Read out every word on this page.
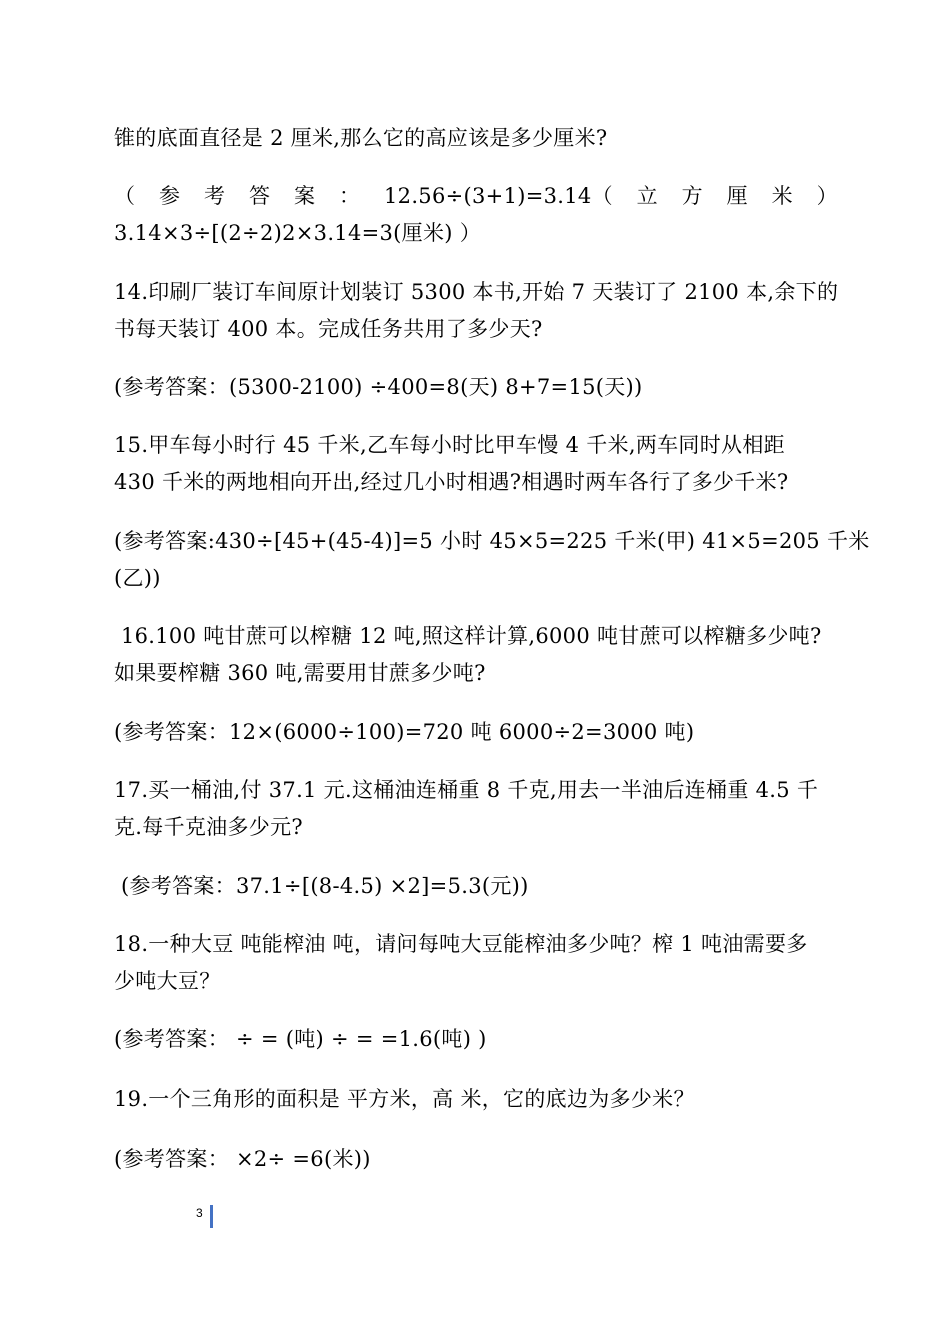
锥的底面直径是 2 厘米,那么它的高应该是多少厘米?
（ 参 考 答 案 ： 12.56÷(3+1)=3.14（ 立 方 厘 米 ）
3.14×3÷[(2÷2)2×3.14=3(厘米) ）
14.印刷厂装订车间原计划装订 5300 本书,开始 7 天装订了 2100 本,余下的
书每天装订 400 本。完成任务共用了多少天?
(参考答案：(5300-2100) ÷400=8(天) 8+7=15(天))
15.甲车每小时行 45 千米,乙车每小时比甲车慢 4 千米,两车同时从相距
430 千米的两地相向开出,经过几小时相遇?相遇时两车各行了多少千米?
(参考答案:430÷[45+(45-4)]=5 小时 45×5=225 千米(甲) 41×5=205 千米
(乙))
16.100 吨甘蔗可以榨糖 12 吨,照这样计算,6000 吨甘蔗可以榨糖多少吨?
如果要榨糖 360 吨,需要用甘蔗多少吨?
(参考答案：12×(6000÷100)=720 吨 6000÷2=3000 吨)
17.买一桶油,付 37.1 元.这桶油连桶重 8 千克,用去一半油后连桶重 4.5 千
克.每千克油多少元?
(参考答案：37.1÷[(8-4.5) ×2]=5.3(元))
18.一种大豆 吨能榨油 吨，请问每吨大豆能榨油多少吨？榨 1 吨油需要多
少吨大豆？
(参考答案： ÷ = (吨) ÷ = =1.6(吨) )
19.一个三角形的面积是 平方米，高 米，它的底边为多少米？
(参考答案： ×2÷ =6(米))
3
